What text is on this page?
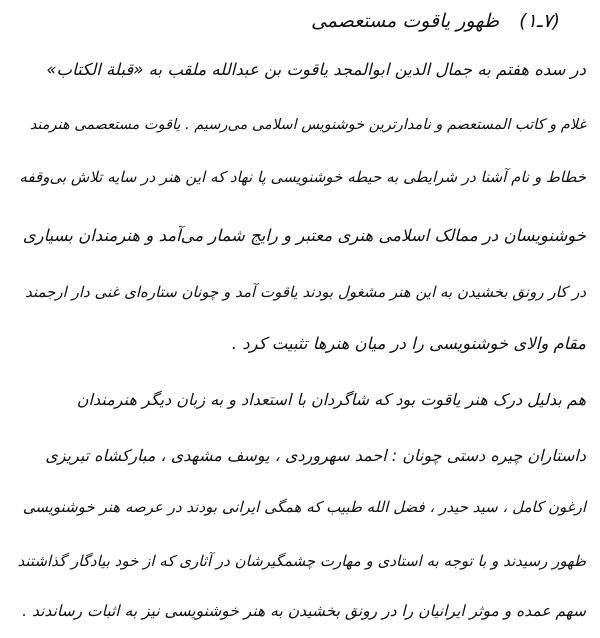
(۷ـ۱) ظهور یاقوت مستعصمی
در سده هفتم به جمال الدین ابوالمجد یاقوت بن عبدالله ملقب به «قبلة الکتاب»
غلام و کاتب المستعصم و نامدارترین خوشنویس اسلامی می‌رسیم . یاقوت مستعصمی هنرمند
خطاط و نام آشنا در شرایطی به حیطه خوشنویسی پا نهاد که این هنر در سایه تلاش بی‌وقفه
خوشنویسان در ممالک اسلامی هنری معتبر و رایج شمار می‌آمد و هنرمندان بسیاری
در کار رونق بخشیدن به این هنر مشغول بودند یاقوت آمد و چونان ستاره‌ای غنی دار ارجمند
مقام والای خوشنویسی را در میان هنرها تثبیت کرد .
هم بدلیل درک هنر یاقوت بود که شاگردان با استعداد و به زبان دیگر هنرمندان
داستاران چیره دستی چونان : احمد سهروردی ، یوسف مشهدی ، مبارکشاه تبریزی
ارغون کامل ، سید حیدر ، فضل الله طبیب که همگی ایرانی بودند در عرصه هنر خوشنویسی
ظهور رسیدند و با توجه به استادی و مهارت چشمگیرشان در آثاری که از خود بیادگار گذاشتند
سهم عمده و موثر ایرانیان را در رونق بخشیدن به هنر خوشنویسی نیز به اثبات رساندند .
